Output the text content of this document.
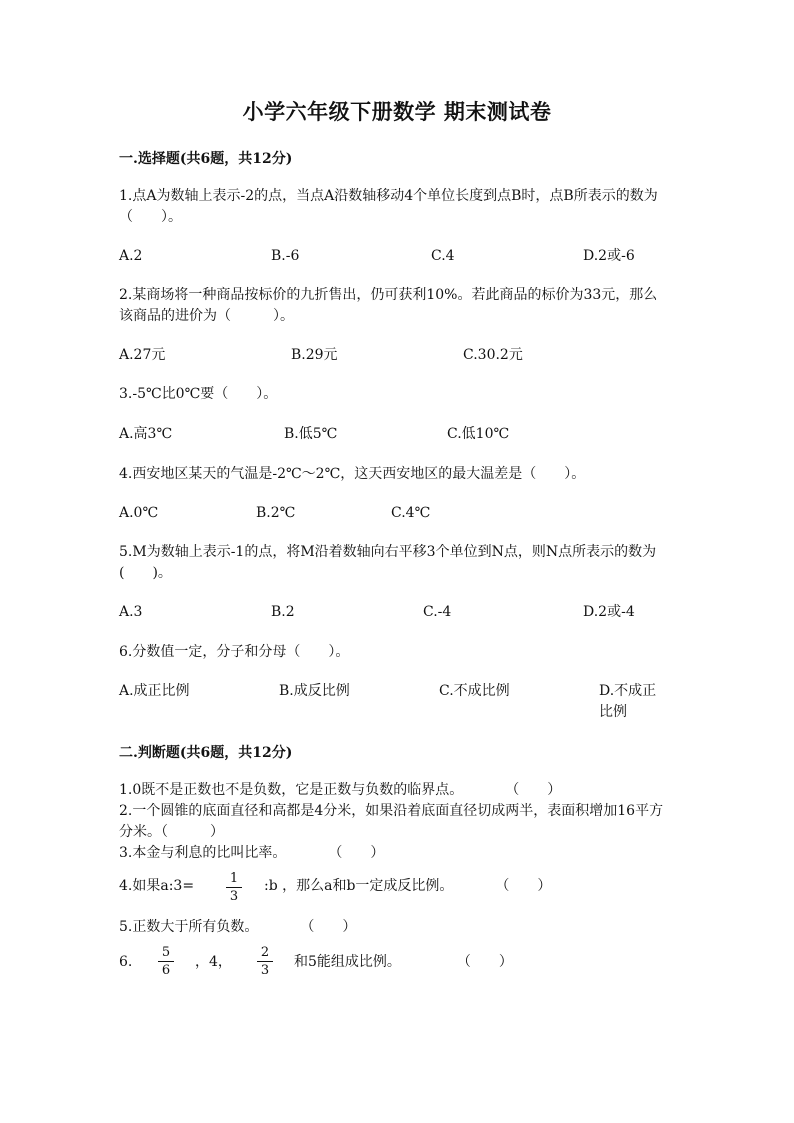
小学六年级下册数学 期末测试卷
一.选择题(共6题，共12分)
1.点A为数轴上表示-2的点，当点A沿数轴移动4个单位长度到点B时，点B所表示的数为（　　）。
A.2	B.-6	C.4	D.2或-6
2.某商场将一种商品按标价的九折售出，仍可获利10%。若此商品的标价为33元，那么该商品的进价为（　　　）。
A.27元	B.29元	C.30.2元
3.-5℃比0℃要（　　）。
A.高3℃	B.低5℃	C.低10℃
4.西安地区某天的气温是-2℃～2℃，这天西安地区的最大温差是（　　）。
A.0℃	B.2℃	C.4℃
5.M为数轴上表示-1的点，将M沿着数轴向右平移3个单位到N点，则N点所表示的数为(　　)。
A.3	B.2	C.-4	D.2或-4
6.分数值一定，分子和分母（　　）。
A.成正比例	B.成反比例	C.不成比例	D.不成正比例
二.判断题(共6题，共12分)
1.0既不是正数也不是负数，它是正数与负数的临界点。　　　　（　　）
2.一个圆锥的底面直径和高都是4分米，如果沿着底面直径切成两半，表面积增加16平方分米。（　　　）
3.本金与利息的比叫比率。　　　　（　　）
4.如果a:3=	1
3
:b ，那么a和b一定成反比例。　　　　（　　）
5.正数大于所有负数。　　　　（　　）
6.
5
6
，4，
2
3
和5能组成比例。　　　　　（　　）
